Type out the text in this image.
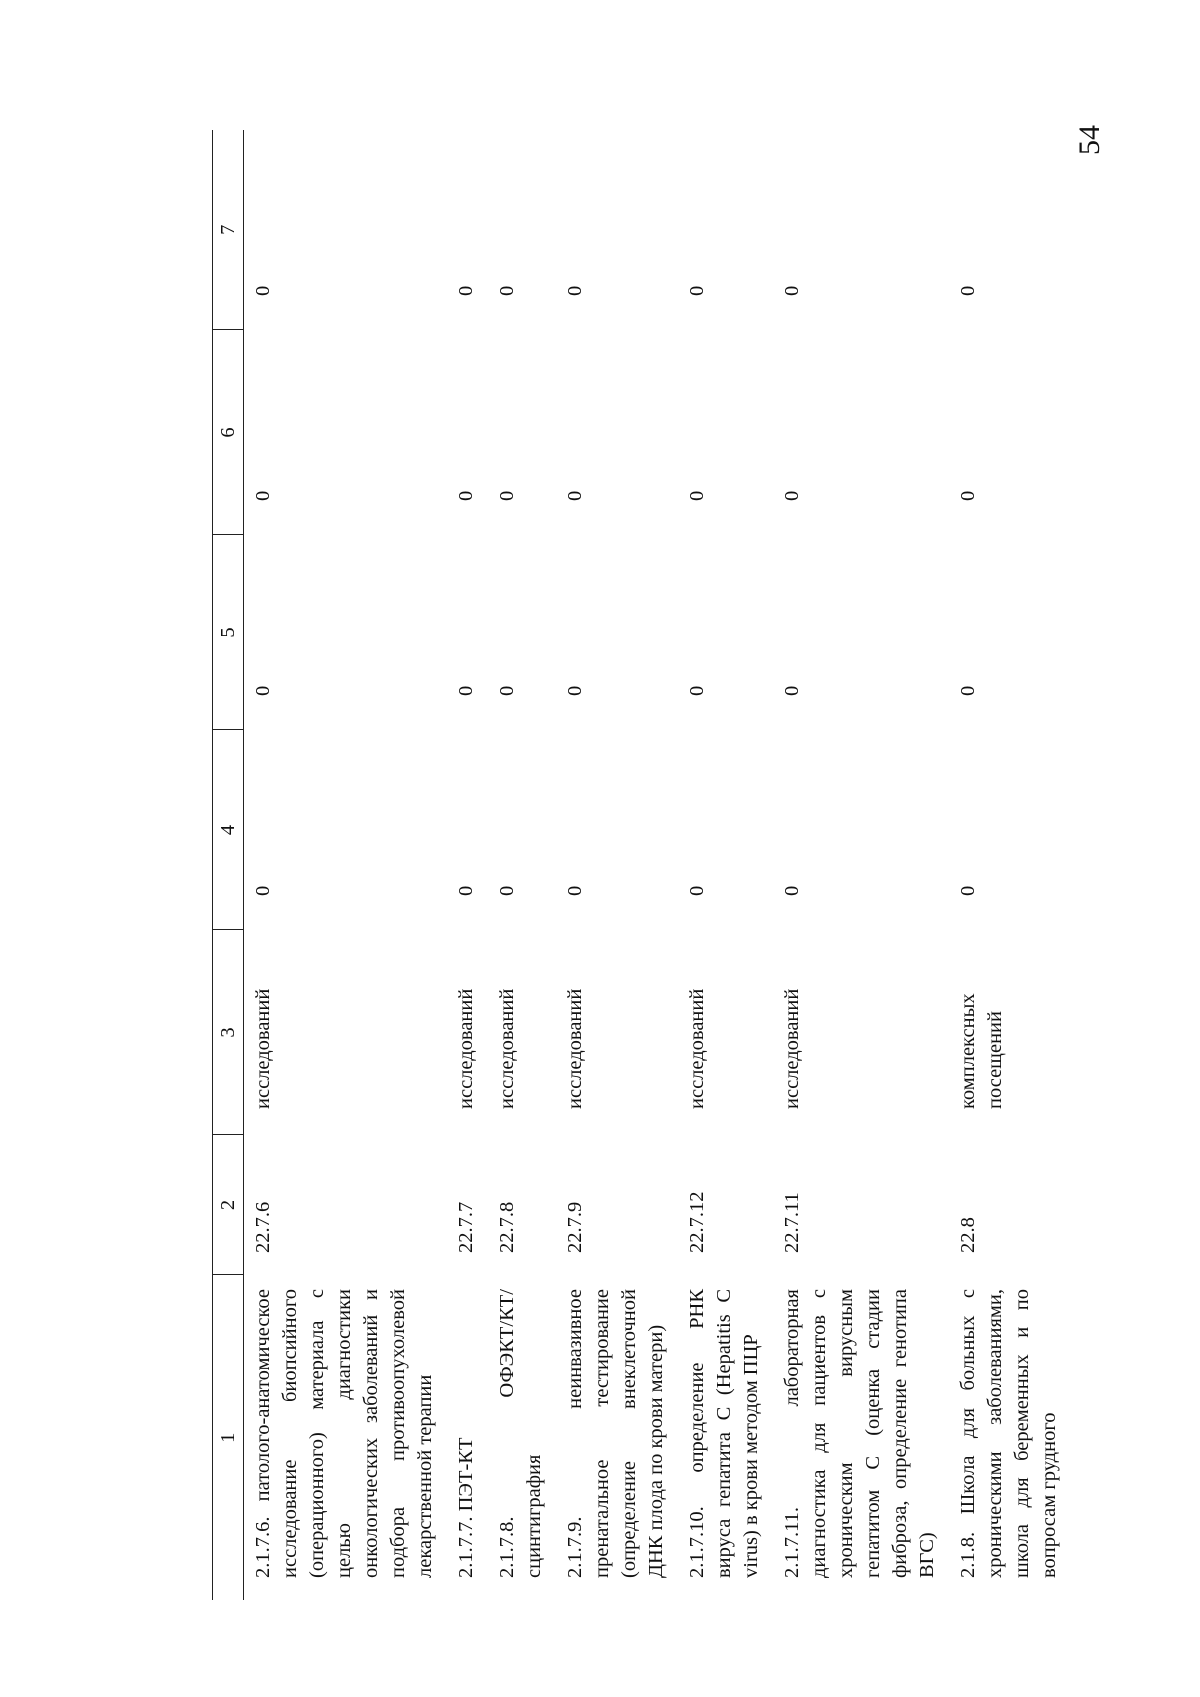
54
1	2	3	4	5	6	7
2.1.7.6. патолого-анатомическое исследование биопсийного (операционного) материала с целью диагностики онкологических заболеваний и подбора противоопухолевой лекарственной терапии	22.7.6	исследований	0	0	0	0
2.1.7.7. ПЭТ-КТ	22.7.7	исследований	0	0	0	0
2.1.7.8. ОФЭКТ/КТ/сцинтиграфия	22.7.8	исследований	0	0	0	0
2.1.7.9. неинвазивное пренатальное тестирование (определение внеклеточной ДНК плода по крови матери)	22.7.9	исследований	0	0	0	0
2.1.7.10. определение РНК вируса гепатита С (Hepatitis C virus) в крови методом ПЦР	22.7.12	исследований	0	0	0	0
2.1.7.11. лабораторная диагностика для пациентов с хроническим вирусным гепатитом С (оценка стадии фиброза, определение генотипа ВГС)	22.7.11	исследований	0	0	0	0
2.1.8. Школа для больных с хроническими заболеваниями, школа для беременных и по вопросам грудного	22.8	комплексных посещений	0	0	0	0
